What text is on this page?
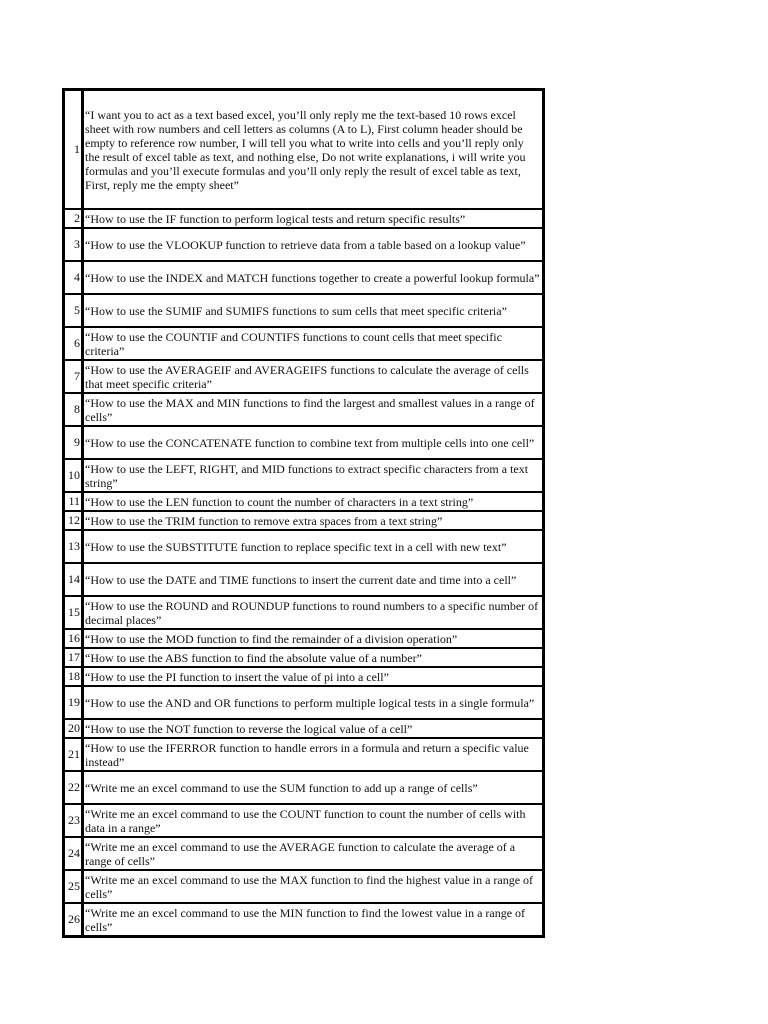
1
“I want you to act as a text based excel, you’ll only reply me the text-based 10 rows excel sheet with row numbers and cell letters as columns (A to L), First column header should be empty to reference row number, I will tell you what to write into cells and you’ll reply only the result of excel table as text, and nothing else, Do not write explanations, i will write you formulas and you’ll execute formulas and you’ll only reply the result of excel table as text, First, reply me the empty sheet”
2 “How to use the IF function to perform logical tests and return specific results”
3 “How to use the VLOOKUP function to retrieve data from a table based on a lookup value”
4 “How to use the INDEX and MATCH functions together to create a powerful lookup formula”
5 “How to use the SUMIF and SUMIFS functions to sum cells that meet specific criteria”
6 “How to use the COUNTIF and COUNTIFS functions to count cells that meet specific criteria”
7 “How to use the AVERAGEIF and AVERAGEIFS functions to calculate the average of cells that meet specific criteria”
8 “How to use the MAX and MIN functions to find the largest and smallest values in a range of cells”
9 “How to use the CONCATENATE function to combine text from multiple cells into one cell”
10 “How to use the LEFT, RIGHT, and MID functions to extract specific characters from a text string”
11 “How to use the LEN function to count the number of characters in a text string”
12 “How to use the TRIM function to remove extra spaces from a text string”
13 “How to use the SUBSTITUTE function to replace specific text in a cell with new text”
14 “How to use the DATE and TIME functions to insert the current date and time into a cell”
15 “How to use the ROUND and ROUNDUP functions to round numbers to a specific number of decimal places”
16 “How to use the MOD function to find the remainder of a division operation”
17 “How to use the ABS function to find the absolute value of a number”
18 “How to use the PI function to insert the value of pi into a cell”
19 “How to use the AND and OR functions to perform multiple logical tests in a single formula”
20 “How to use the NOT function to reverse the logical value of a cell”
21 “How to use the IFERROR function to handle errors in a formula and return a specific value instead”
22 “Write me an excel command to use the SUM function to add up a range of cells”
23 “Write me an excel command to use the COUNT function to count the number of cells with data in a range”
24 “Write me an excel command to use the AVERAGE function to calculate the average of a range of cells”
25 “Write me an excel command to use the MAX function to find the highest value in a range of cells”
26 “Write me an excel command to use the MIN function to find the lowest value in a range of cells”
